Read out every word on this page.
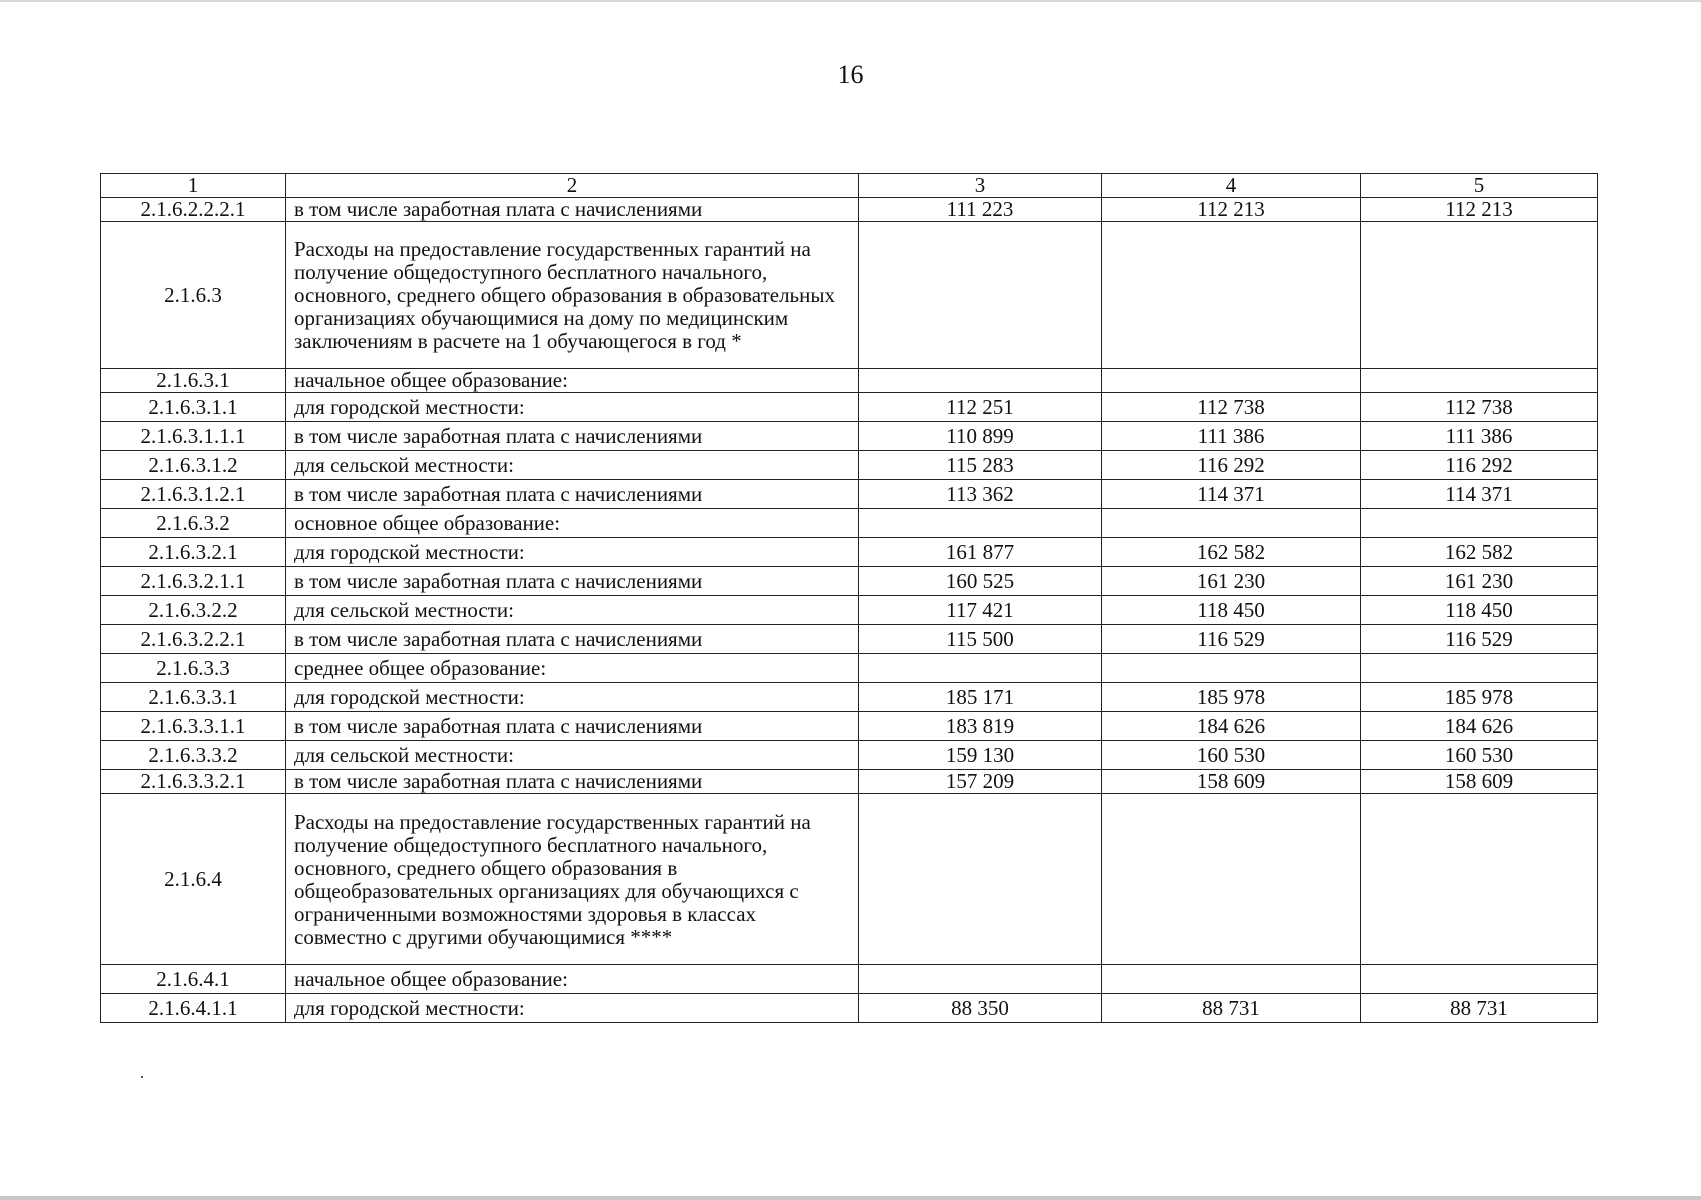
16
1	2	3	4	5
2.1.6.2.2.2.1	в том числе заработная плата с начислениями	111 223	112 213	112 213
2.1.6.3	Расходы на предоставление государственных гарантий на получение общедоступного бесплатного начального, основного, среднего общего образования в образовательных организациях обучающимися на дому по медицинским заключениям в расчете на 1 обучающегося в год *			
2.1.6.3.1	начальное общее образование:			
2.1.6.3.1.1	для городской местности:	112 251	112 738	112 738
2.1.6.3.1.1.1	в том числе заработная плата с начислениями	110 899	111 386	111 386
2.1.6.3.1.2	для сельской местности:	115 283	116 292	116 292
2.1.6.3.1.2.1	в том числе заработная плата с начислениями	113 362	114 371	114 371
2.1.6.3.2	основное общее образование:			
2.1.6.3.2.1	для городской местности:	161 877	162 582	162 582
2.1.6.3.2.1.1	в том числе заработная плата с начислениями	160 525	161 230	161 230
2.1.6.3.2.2	для сельской местности:	117 421	118 450	118 450
2.1.6.3.2.2.1	в том числе заработная плата с начислениями	115 500	116 529	116 529
2.1.6.3.3	среднее общее образование:			
2.1.6.3.3.1	для городской местности:	185 171	185 978	185 978
2.1.6.3.3.1.1	в том числе заработная плата с начислениями	183 819	184 626	184 626
2.1.6.3.3.2	для сельской местности:	159 130	160 530	160 530
2.1.6.3.3.2.1	в том числе заработная плата с начислениями	157 209	158 609	158 609
2.1.6.4	Расходы на предоставление государственных гарантий на получение общедоступного бесплатного начального, основного, среднего общего образования в общеобразовательных организациях для обучающихся с ограниченными возможностями здоровья в классах совместно с другими обучающимися ****			
2.1.6.4.1	начальное общее образование:			
2.1.6.4.1.1	для городской местности:	88 350	88 731	88 731
